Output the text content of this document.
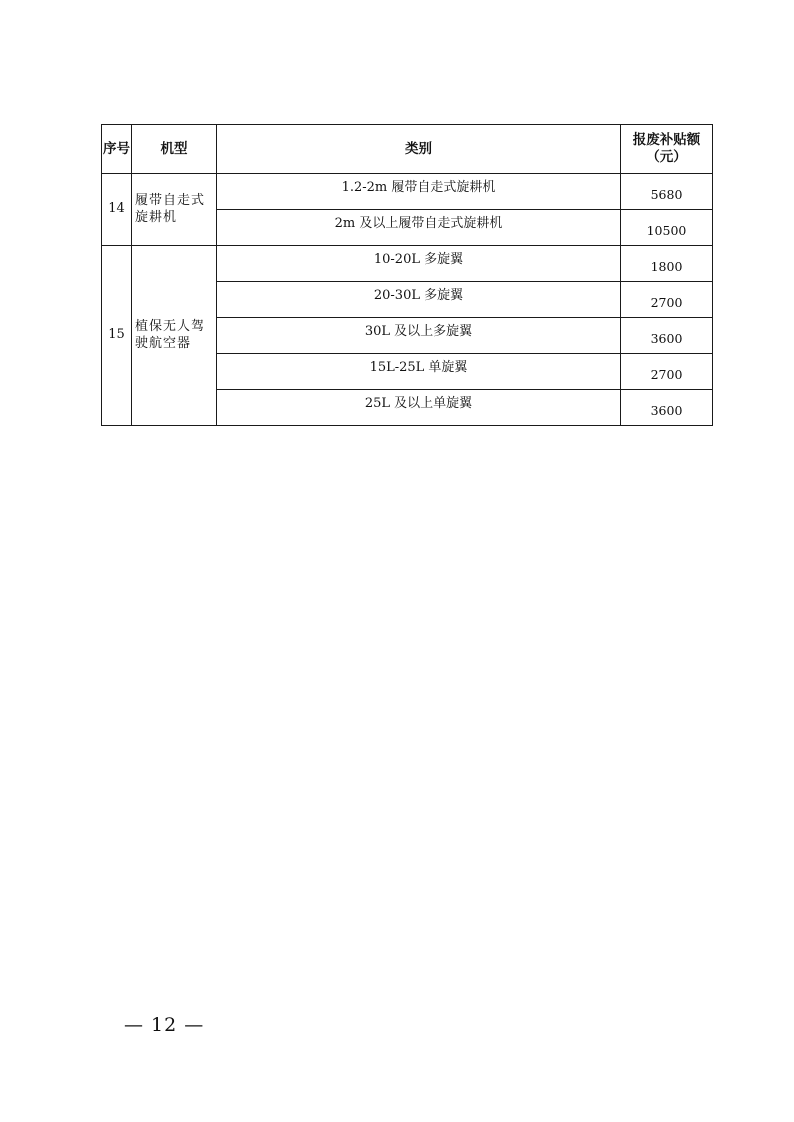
序号	机型	类别	报废补贴额
（元）

14	履带自走式旋耕机	1.2-2m 履带自走式旋耕机	5680
		2m 及以上履带自走式旋耕机	10500
15	植保无人驾驶航空器	10-20L 多旋翼	1800
		20-30L 多旋翼	2700
		30L 及以上多旋翼	3600
		15L-25L 单旋翼	2700
		25L 及以上单旋翼	3600
— 12 —
